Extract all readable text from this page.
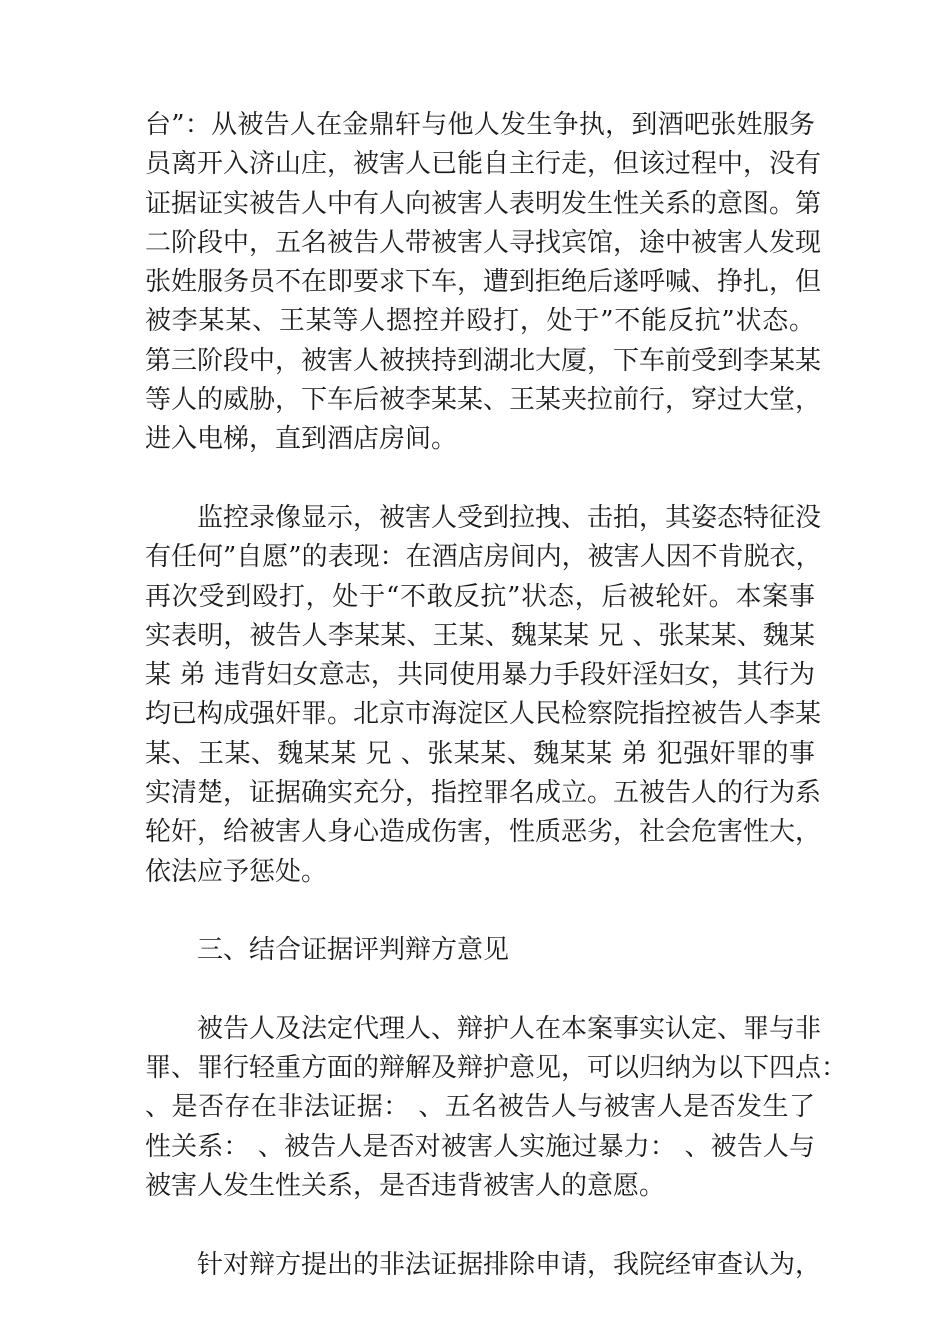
台”：从被告人在金鼎轩与他人发生争执，到酒吧张姓服务
员离开入济山庄，被害人已能自主行走，但该过程中，没有
证据证实被告人中有人向被害人表明发生性关系的意图。第
二阶段中，五名被告人带被害人寻找宾馆，途中被害人发现
张姓服务员不在即要求下车，遭到拒绝后遂呼喊、挣扎，但
被李某某、王某等人摁控并殴打，处于”不能反抗”状态。
第三阶段中，被害人被挟持到湖北大厦，下车前受到李某某
等人的威胁，下车后被李某某、王某夹拉前行，穿过大堂，
进入电梯，直到酒店房间。
监控录像显示，被害人受到拉拽、击拍，其姿态特征没
有任何”自愿”的表现：在酒店房间内，被害人因不肯脱衣，
再次受到殴打，处于“不敢反抗”状态，后被轮奸。本案事
实表明，被告人李某某、王某、魏某某 兄 、张某某、魏某
某 弟 违背妇女意志，共同使用暴力手段奸淫妇女，其行为
均已构成强奸罪。北京市海淀区人民检察院指控被告人李某
某、王某、魏某某 兄 、张某某、魏某某 弟 犯强奸罪的事
实清楚，证据确实充分，指控罪名成立。五被告人的行为系
轮奸，给被害人身心造成伤害，性质恶劣，社会危害性大，
依法应予惩处。
三、结合证据评判辩方意见
被告人及法定代理人、辩护人在本案事实认定、罪与非
罪、罪行轻重方面的辩解及辩护意见，可以归纳为以下四点：
、是否存在非法证据： 、五名被告人与被害人是否发生了
性关系： 、被告人是否对被害人实施过暴力： 、被告人与
被害人发生性关系，是否违背被害人的意愿。
针对辩方提出的非法证据排除申请，我院经审查认为，
